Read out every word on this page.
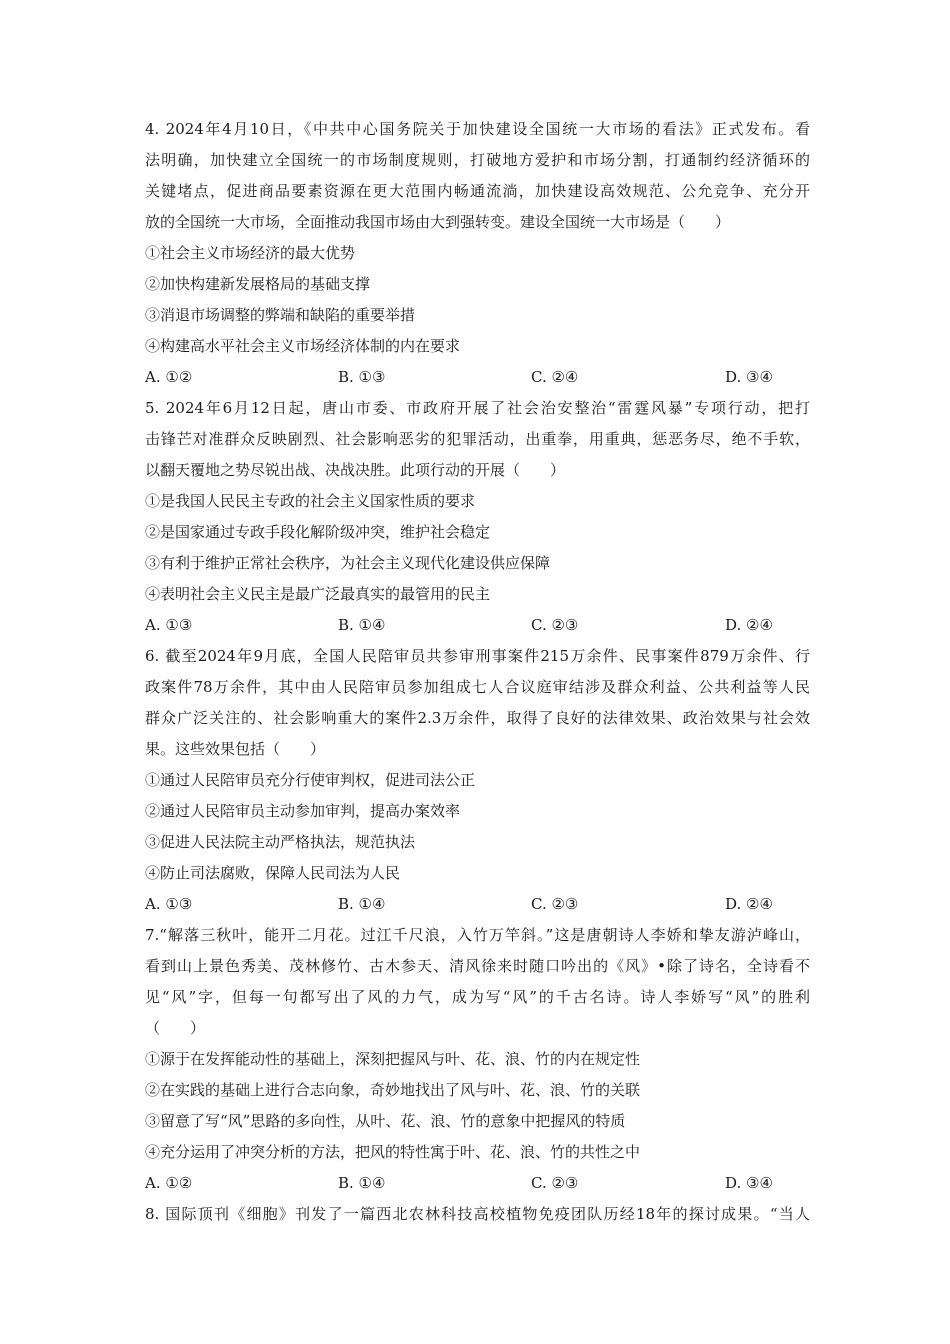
4. 2024年4月10日，《中共中心国务院关于加快建设全国统一大市场的看法》正式发布。看
法明确，加快建立全国统一的市场制度规则，打破地方爱护和市场分割，打通制约经济循环的
关键堵点，促进商品要素资源在更大范围内畅通流淌，加快建设高效规范、公允竞争、充分开
放的全国统一大市场，全面推动我国市场由大到强转变。建设全国统一大市场是（　　）
①社会主义市场经济的最大优势
②加快构建新发展格局的基础支撑
③消退市场调整的弊端和缺陷的重要举措
④构建高水平社会主义市场经济体制的内在要求
A. ①②	B. ①③	C. ②④	D. ③④
5. 2024年6月12日起，唐山市委、市政府开展了社会治安整治“雷霆风暴”专项行动，把打
击锋芒对准群众反映剧烈、社会影响恶劣的犯罪活动，出重拳，用重典，惩恶务尽，绝不手软，
以翻天覆地之势尽锐出战、决战决胜。此项行动的开展（　　）
①是我国人民民主专政的社会主义国家性质的要求
②是国家通过专政手段化解阶级冲突，维护社会稳定
③有利于维护正常社会秩序，为社会主义现代化建设供应保障
④表明社会主义民主是最广泛最真实的最管用的民主
A. ①③	B. ①④	C. ②③	D. ②④
6. 截至2024年9月底，全国人民陪审员共参审刑事案件215万余件、民事案件879万余件、行
政案件78万余件，其中由人民陪审员参加组成七人合议庭审结涉及群众利益、公共利益等人民
群众广泛关注的、社会影响重大的案件2.3万余件，取得了良好的法律效果、政治效果与社会效
果。这些效果包括（　　）
①通过人民陪审员充分行使审判权，促进司法公正
②通过人民陪审员主动参加审判，提高办案效率
③促进人民法院主动严格执法，规范执法
④防止司法腐败，保障人民司法为人民
A. ①③	B. ①④	C. ②③	D. ②④
7.“解落三秋叶，能开二月花。过江千尺浪，入竹万竿斜。”这是唐朝诗人李娇和挚友游泸峰山，
看到山上景色秀美、茂林修竹、古木参天、清风徐来时随口吟出的《风》•除了诗名，全诗看不
见“风”字，但每一句都写出了风的力气，成为写“风”的千古名诗。诗人李娇写“风”的胜利
（　　）
①源于在发挥能动性的基础上，深刻把握风与叶、花、浪、竹的内在规定性
②在实践的基础上进行合志向象，奇妙地找出了风与叶、花、浪、竹的关联
③留意了写“风”思路的多向性，从叶、花、浪、竹的意象中把握风的特质
④充分运用了冲突分析的方法，把风的特性寓于叶、花、浪、竹的共性之中
A. ①②	B. ①④	C. ②③	D. ③④
8. 国际顶刊《细胞》刊发了一篇西北农林科技高校植物免疫团队历经18年的探讨成果。“当人
